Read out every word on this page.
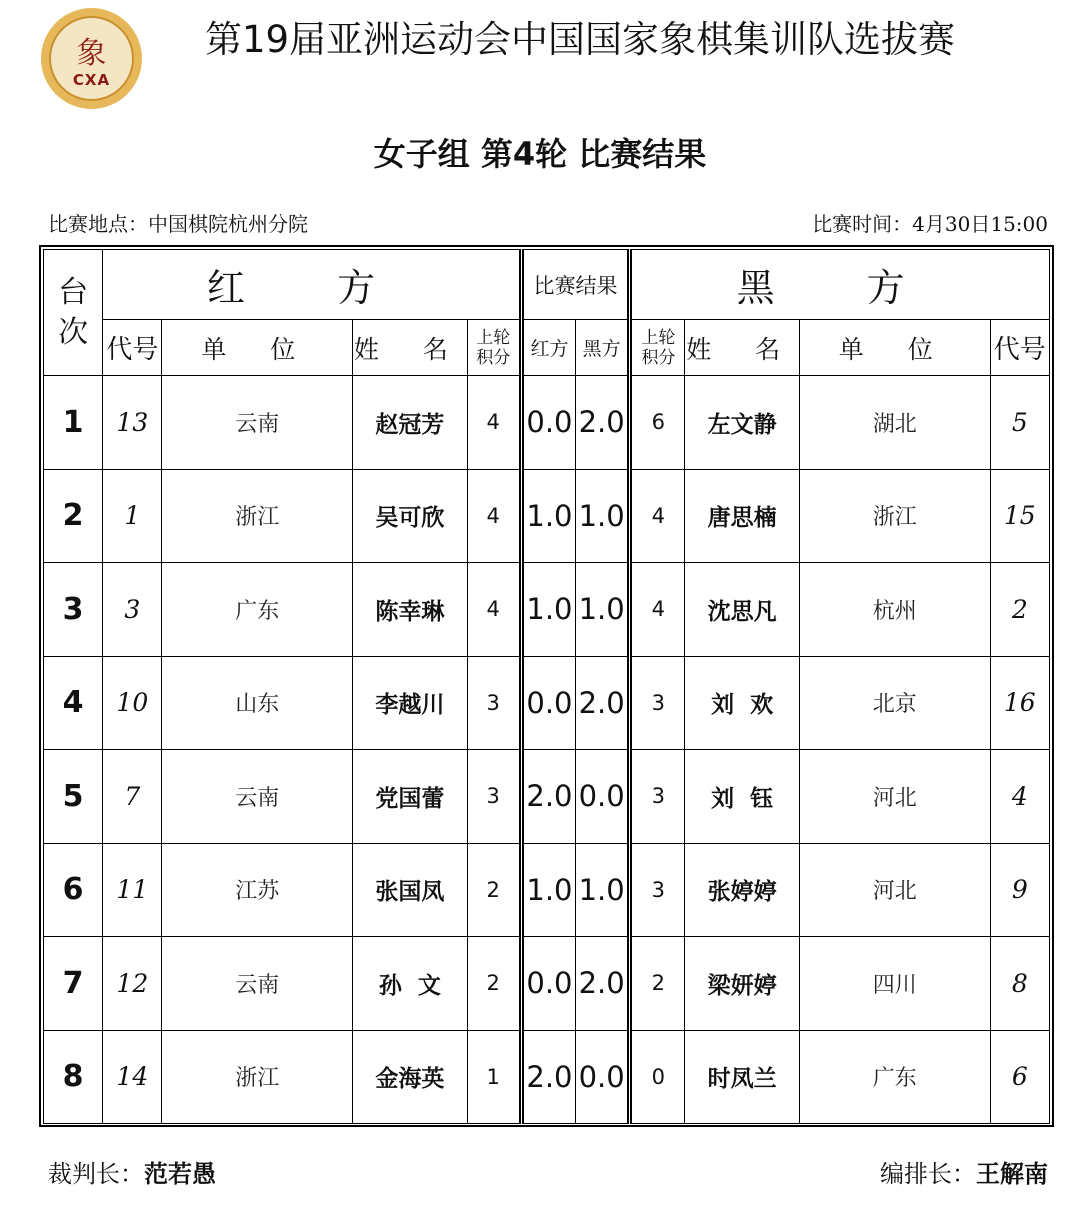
象
CXA
第19届亚洲运动会中国国家象棋集训队选拔赛
女子组 第4轮 比赛结果
比赛地点：中国棋院杭州分院	比赛时间：4月30日15:00
台次	红 方				比赛结果		黑 方			
	代号	单 位	姓 名	上轮积分	红方	黑方	上轮积分	姓 名	单 位	代号
1	13	云南	赵冠芳	4	0.0	2.0	6	左文静	湖北	5
2	1	浙江	吴可欣	4	1.0	1.0	4	唐思楠	浙江	15
3	3	广东	陈幸琳	4	1.0	1.0	4	沈思凡	杭州	2
4	10	山东	李越川	3	0.0	2.0	3	刘  欢	北京	16
5	7	云南	党国蕾	3	2.0	0.0	3	刘  钰	河北	4
6	11	江苏	张国凤	2	1.0	1.0	3	张婷婷	河北	9
7	12	云南	孙  文	2	0.0	2.0	2	梁妍婷	四川	8
8	14	浙江	金海英	1	2.0	0.0	0	时凤兰	广东	6
裁判长：范若愚	编排长：王解南
